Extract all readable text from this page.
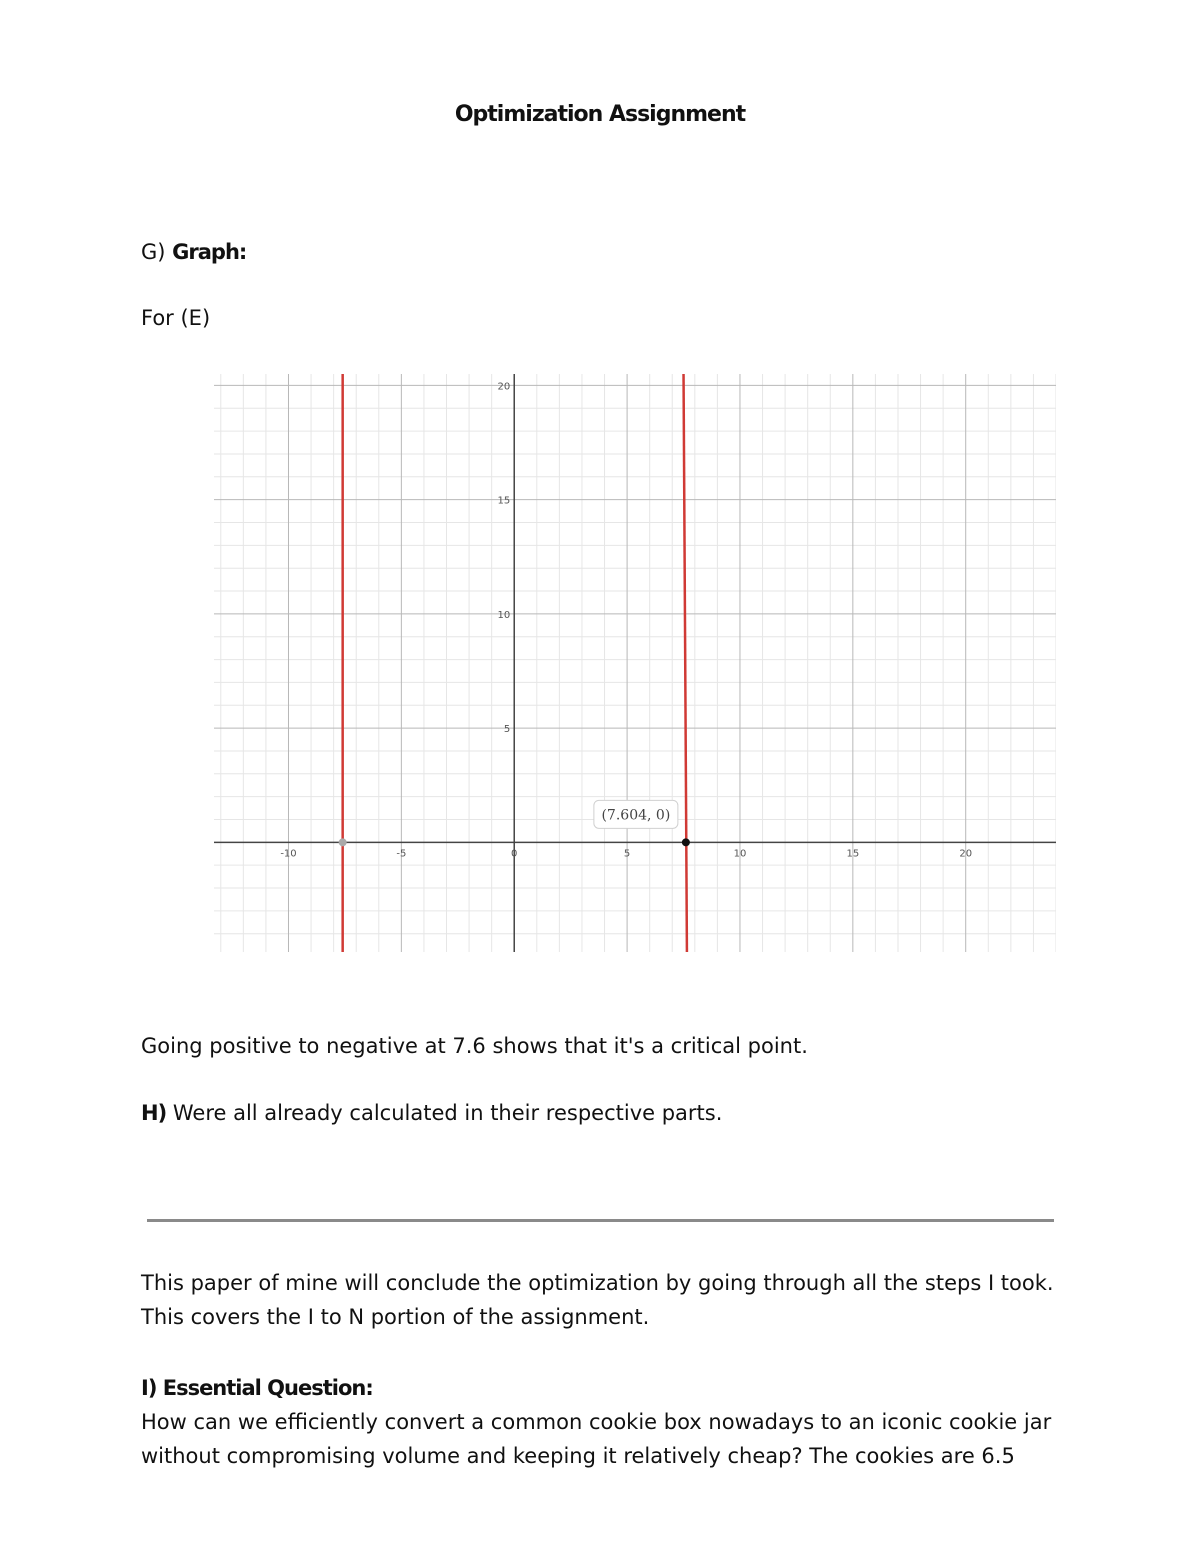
Optimization Assignment
G) Graph:
For (E)
-10	-5	0	5	10	15	20
5
10
15
20
(7.604, 0)
Going positive to negative at 7.6 shows that it's a critical point.
H) Were all already calculated in their respective parts.
This paper of mine will conclude the optimization by going through all the steps I took. This covers the I to N portion of the assignment.
I) Essential Question:
How can we efficiently convert a common cookie box nowadays to an iconic cookie jar without compromising volume and keeping it relatively cheap? The cookies are 6.5
